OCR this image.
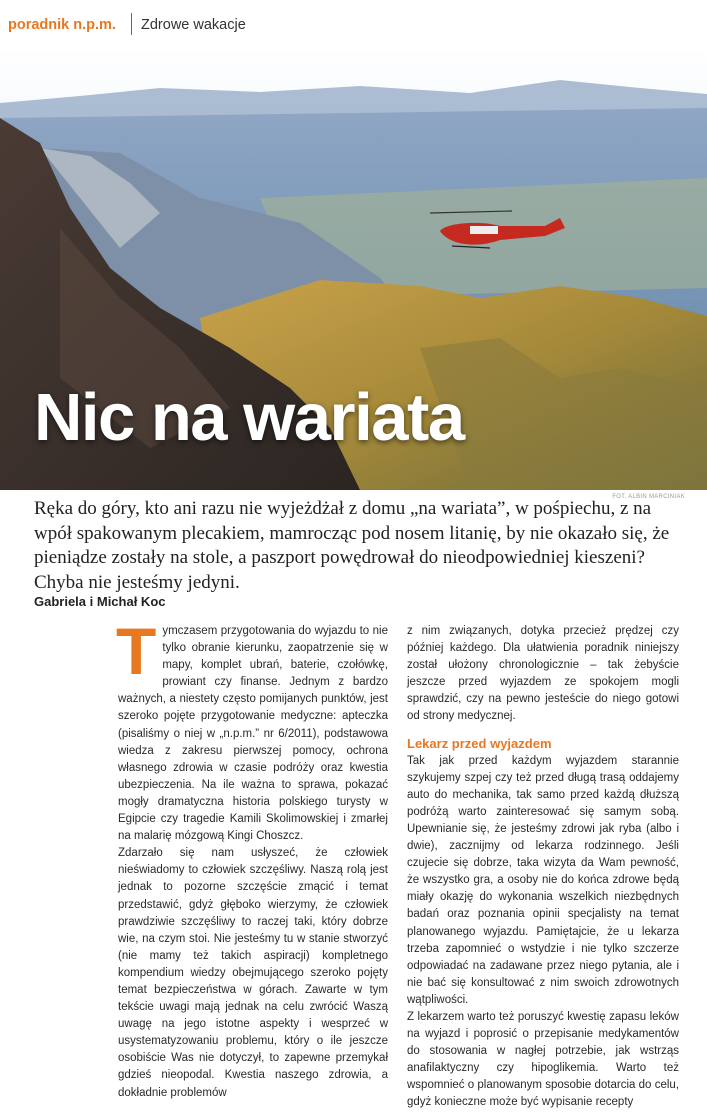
poradnik n.p.m. Zdrowe wakacje
Nic na wariata
FOT. ALBIN MARCINIAK
Ręka do góry, kto ani razu nie wyjeżdżał z domu „na wariata”, w pośpiechu, z na wpół spakowanym plecakiem, mamrocząc pod nosem litanię, by nie okazało się, że pieniądze zostały na stole, a paszport powędrował do nieodpowiedniej kieszeni? Chyba nie jesteśmy jedyni.
Gabriela i Michał Koc
T ymczasem przygotowania do wyjazdu to nie tylko obranie kierunku, zaopatrzenie się w mapy, komplet ubrań, baterie, czołówkę, prowiant czy finanse. Jednym z bardzo ważnych, a niestety często pomijanych punktów, jest szeroko pojęte przygotowanie medyczne: apteczka (pisaliśmy o niej w „n.p.m.” nr 6/2011), podstawowa wiedza z zakresu pierwszej pomocy, ochrona własnego zdrowia w czasie podróży oraz kwestia ubezpieczenia. Na ile ważna to sprawa, pokazać mogły dramatyczna historia polskiego turysty w Egipcie czy tragedie Kamili Skolimowskiej i zmarłej na malarię mózgową Kingi Choszcz.

Zdarzało się nam usłyszeć, że człowiek nieświadomy to człowiek szczęśliwy. Naszą rolą jest jednak to pozorne szczęście zmącić i temat przedstawić, gdyż głęboko wierzymy, że człowiek prawdziwie szczęśliwy to raczej taki, który dobrze wie, na czym stoi. Nie jesteśmy tu w stanie stworzyć (nie mamy też takich aspiracji) kompletnego kompendium wiedzy obejmującego szeroko pojęty temat bezpieczeństwa w górach. Zawarte w tym tekście uwagi mają jednak na celu zwrócić Waszą uwagę na jego istotne aspekty i wesprzeć w usystematyzowaniu problemu, który o ile jeszcze osobiście Was nie dotyczył, to zapewne przemykał gdzieś nieopodal. Kwestia naszego zdrowia, a dokładnie problemów

z nim związanych, dotyka przecież prędzej czy później każdego. Dla ułatwienia poradnik niniejszy został ułożony chronologicznie – tak żebyście jeszcze przed wyjazdem ze spokojem mogli sprawdzić, czy na pewno jesteście do niego gotowi od strony medycznej.

Lekarz przed wyjazdem

Tak jak przed każdym wyjazdem starannie szykujemy szpej czy też przed długą trasą oddajemy auto do mechanika, tak samo przed każdą dłuższą podróżą warto zainteresować się samym sobą. Upewnianie się, że jesteśmy zdrowi jak ryba (albo i dwie), zacznijmy od lekarza rodzinnego. Jeśli czujecie się dobrze, taka wizyta da Wam pewność, że wszystko gra, a osoby nie do końca zdrowe będą miały okazję do wykonania wszelkich niezbędnych badań oraz poznania opinii specjalisty na temat planowanego wyjazdu. Pamiętajcie, że u lekarza trzeba zapomnieć o wstydzie i nie tylko szczerze odpowiadać na zadawane przez niego pytania, ale i nie bać się konsultować z nim swoich zdrowotnych wątpliwości.

Z lekarzem warto też poruszyć kwestię zapasu leków na wyjazd i poprosić o przepisanie medykamentów do stosowania w nagłej potrzebie, jak wstrząs anafilaktyczny czy hipoglikemia. Warto też wspomnieć o planowanym sposobie dotarcia do celu, gdyż konieczne może być wypisanie recepty
